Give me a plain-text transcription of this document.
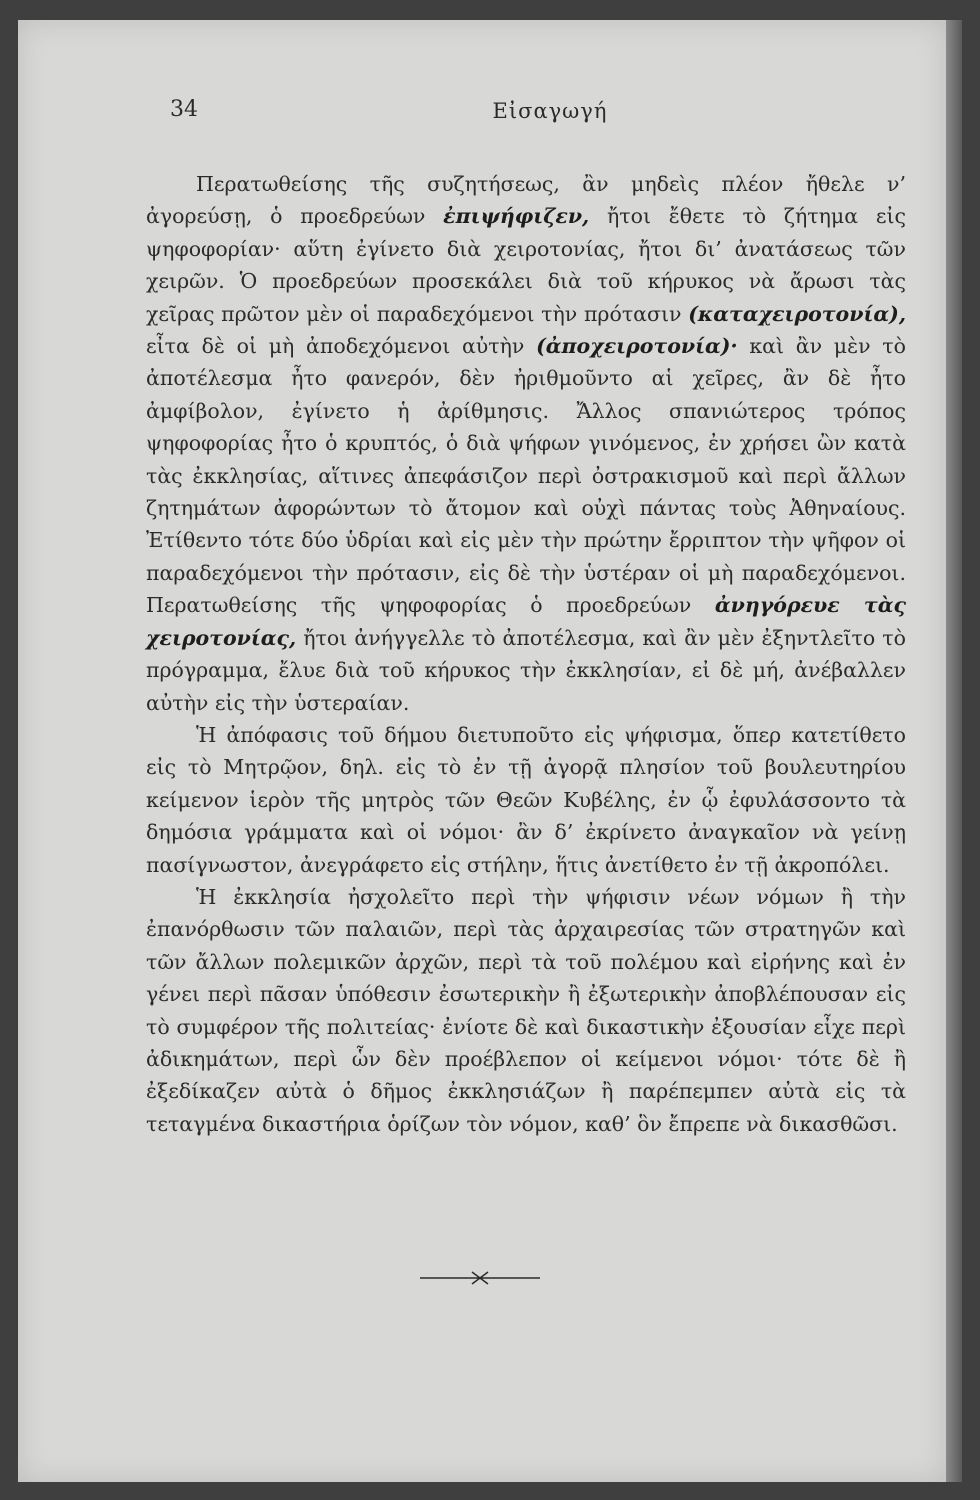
34	Εἰσαγωγή

Περατωθείσης τῆς συζητήσεως, ἂν μηδεὶς πλέον ἤθελε ν’ ἀγορεύσῃ, ὁ προεδρεύων ἐπιψήφιζεν, ἤτοι ἔθετε τὸ ζήτημα εἰς ψηφοφορίαν· αὕτη ἐγίνετο διὰ χειροτονίας, ἤτοι δι’ ἀνατάσεως τῶν χειρῶν. Ὁ προεδρεύων προσεκάλει διὰ τοῦ κήρυκος νὰ ἄρωσι τὰς χεῖρας πρῶτον μὲν οἱ παραδεχόμενοι τὴν πρότασιν (καταχειροτονία), εἶτα δὲ οἱ μὴ ἀποδεχόμενοι αὐτὴν (ἀποχειροτονία)· καὶ ἂν μὲν τὸ ἀποτέλεσμα ἦτο φανερόν, δὲν ἠριθμοῦντο αἱ χεῖρες, ἂν δὲ ἦτο ἀμφίβολον, ἐγίνετο ἡ ἀρίθμησις. Ἄλλος σπανιώτερος τρόπος ψηφοφορίας ἦτο ὁ κρυπτός, ὁ διὰ ψήφων γινόμενος, ἐν χρήσει ὢν κατὰ τὰς ἐκκλησίας, αἵτινες ἀπεφάσιζον περὶ ὀστρακισμοῦ καὶ περὶ ἄλλων ζητημάτων ἀφορώντων τὸ ἄτομον καὶ οὐχὶ πάντας τοὺς Ἀθηναίους. Ἐτίθεντο τότε δύο ὑδρίαι καὶ εἰς μὲν τὴν πρώτην ἔρριπτον τὴν ψῆφον οἱ παραδεχόμενοι τὴν πρότασιν, εἰς δὲ τὴν ὑστέραν οἱ μὴ παραδεχόμενοι. Περατωθείσης τῆς ψηφοφορίας ὁ προεδρεύων ἀνηγόρευε τὰς χειροτονίας, ἤτοι ἀνήγγελλε τὸ ἀποτέλεσμα, καὶ ἂν μὲν ἐξηντλεῖτο τὸ πρόγραμμα, ἔλυε διὰ τοῦ κήρυκος τὴν ἐκκλησίαν, εἰ δὲ μή, ἀνέβαλλεν αὐτὴν εἰς τὴν ὑστεραίαν.

Ἡ ἀπόφασις τοῦ δήμου διετυποῦτο εἰς ψήφισμα, ὅπερ κατετίθετο εἰς τὸ Μητρῷον, δηλ. εἰς τὸ ἐν τῇ ἀγορᾷ πλησίον τοῦ βουλευτηρίου κείμενον ἱερὸν τῆς μητρὸς τῶν Θεῶν Κυβέλης, ἐν ᾧ ἐφυλάσσοντο τὰ δημόσια γράμματα καὶ οἱ νόμοι· ἂν δ’ ἐκρίνετο ἀναγκαῖον νὰ γείνῃ πασίγνωστον, ἀνεγράφετο εἰς στήλην, ἥτις ἀνετίθετο ἐν τῇ ἀκροπόλει.

Ἡ ἐκκλησία ἠσχολεῖτο περὶ τὴν ψήφισιν νέων νόμων ἢ τὴν ἐπανόρθωσιν τῶν παλαιῶν, περὶ τὰς ἀρχαιρεσίας τῶν στρατηγῶν καὶ τῶν ἄλλων πολεμικῶν ἀρχῶν, περὶ τὰ τοῦ πολέμου καὶ εἰρήνης καὶ ἐν γένει περὶ πᾶσαν ὑπόθεσιν ἐσωτερικὴν ἢ ἐξωτερικὴν ἀποβλέπουσαν εἰς τὸ συμφέρον τῆς πολιτείας· ἐνίοτε δὲ καὶ δικαστικὴν ἐξουσίαν εἶχε περὶ ἀδικημάτων, περὶ ὧν δὲν προέβλεπον οἱ κείμενοι νόμοι· τότε δὲ ἢ ἐξεδίκαζεν αὐτὰ ὁ δῆμος ἐκκλησιάζων ἢ παρέπεμπεν αὐτὰ εἰς τὰ τεταγμένα δικαστήρια ὁρίζων τὸν νόμον, καθ’ ὃν ἔπρεπε νὰ δικασθῶσι.
